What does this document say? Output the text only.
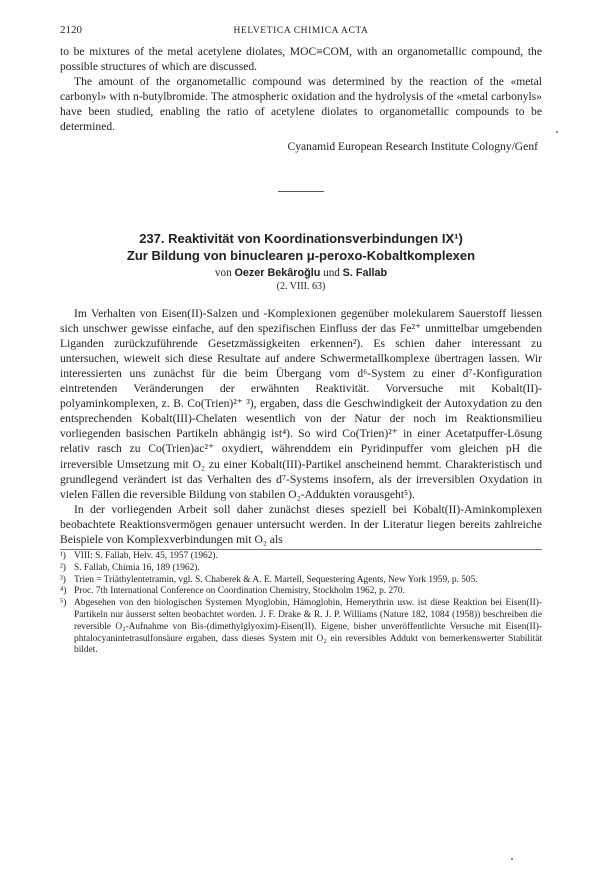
2120	HELVETICA CHIMICA ACTA

to be mixtures of the metal acetylene diolates, MOC≡COM, with an organometallic compound, the possible structures of which are discussed.

The amount of the organometallic compound was determined by the reaction of the «metal carbonyl» with n-butylbromide. The atmospheric oxidation and the hydrolysis of the «metal carbonyls» have been studied, enabling the ratio of acetylene diolates to organometallic compounds to be determined.

Cyanamid European Research Institute Cologny/Genf
237. Reaktivität von Koordinationsverbindungen IX¹)
Zur Bildung von binuclearen μ-peroxo-Kobaltkomplexen
von Oezer Bekâroğlu und S. Fallab
(2. VIII. 63)

Im Verhalten von Eisen(II)-Salzen und -Komplexionen gegenüber molekularem Sauerstoff liessen sich unschwer gewisse einfache, auf den spezifischen Einfluss der das Fe²⁺ unmittelbar umgebenden Liganden zurückzuführende Gesetzmässigkeiten erkennen²). Es schien daher interessant zu untersuchen, wieweit sich diese Resultate auf andere Schwermetallkomplexe übertragen lassen. Wir interessierten uns zunächst für die beim Übergang vom d⁶-System zu einer d⁷-Konfiguration eintretenden Veränderungen der erwähnten Reaktivität. Vorversuche mit Kobalt(II)-polyaminkomplexen, z. B. Co(Trien)²⁺ ³), ergaben, dass die Geschwindigkeit der Autoxydation zu den entsprechenden Kobalt(III)-Chelaten wesentlich von der Natur der noch im Reaktionsmilieu vorliegenden basischen Partikeln abhängig ist⁴). So wird Co(Trien)²⁺ in einer Acetatpuffer-Lösung relativ rasch zu Co(Trien)ac²⁺ oxydiert, währenddem ein Pyridinpuffer vom gleichen pH die irreversible Umsetzung mit O₂ zu einer Kobalt(III)-Partikel anscheinend hemmt. Charakteristisch und grundlegend verändert ist das Verhalten des d⁷-Systems insofern, als der irreversiblen Oxydation in vielen Fällen die reversible Bildung von stabilen O₂-Addukten vorausgeht⁵).

In der vorliegenden Arbeit soll daher zunächst dieses speziell bei Kobalt(II)-Aminkomplexen beobachtete Reaktionsvermögen genauer untersucht werden. In der Literatur liegen bereits zahlreiche Beispiele von Komplexverbindungen mit O₂ als

¹) VIII: S. Fallab, Helv. 45, 1957 (1962).
²) S. Fallab, Chimia 16, 189 (1962).
³) Trien = Triäthylentetramin, vgl. S. Chaberek & A. E. Martell, Sequestering Agents, New York 1959, p. 505.
⁴) Proc. 7th International Conference on Coordination Chemistry, Stockholm 1962, p. 270.
⁵) Abgesehen von den biologischen Systemen Myoglobin, Hämoglobin, Hemerythrin usw. ist diese Reaktion bei Eisen(II)-Partikeln nur äusserst selten beobachtet worden. J. F. Drake & R. J. P. Williams (Nature 182, 1084 (1958)) beschreiben die reversible O₂-Aufnahme von Bis-(dimethylglyoxim)-Eisen(II). Eigene, bisher unveröffentlichte Versuche mit Eisen(II)-phtalocyanintetrasulfonsäure ergaben, dass dieses System mit O₂ ein reversibles Addukt von bemerkenswerter Stabilität bildet.
